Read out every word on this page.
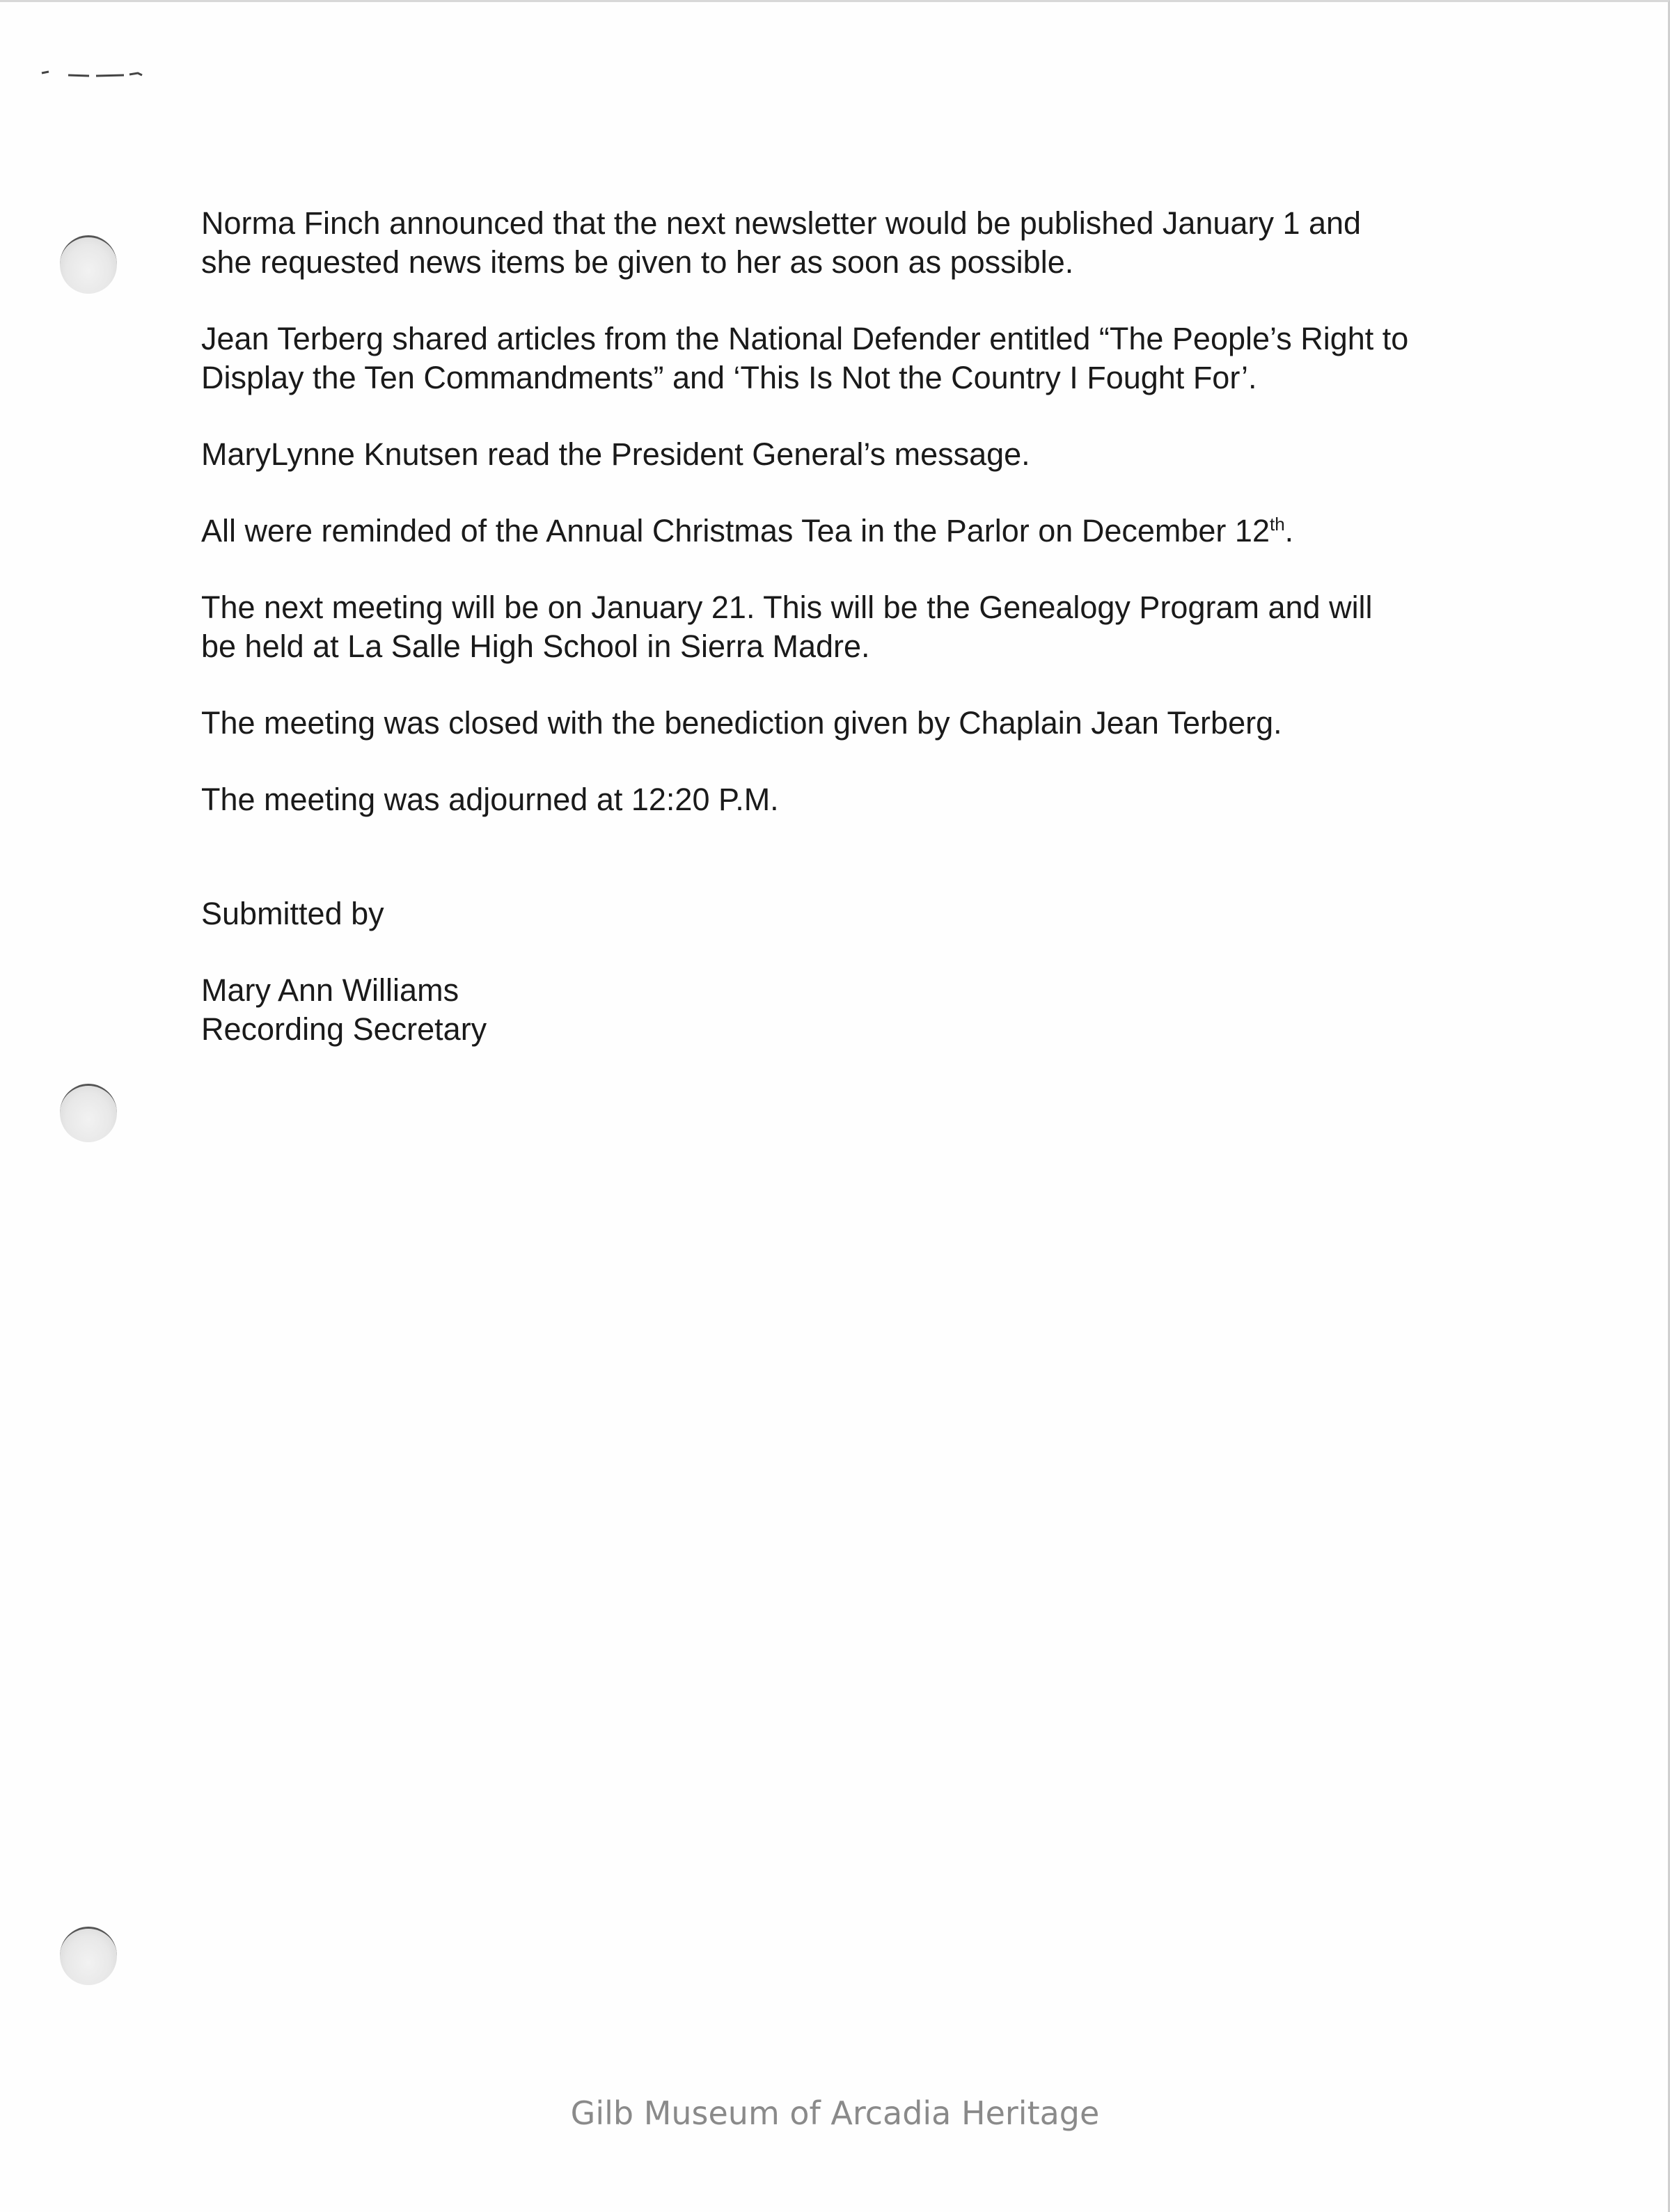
Norma Finch announced that the next newsletter would be published January 1 and
she requested news items be given to her as soon as possible.

Jean Terberg shared articles from the National Defender entitled “The People’s Right to
Display the Ten Commandments” and ‘This Is Not the Country I Fought For’.

MaryLynne Knutsen read the President General’s message.

All were reminded of the Annual Christmas Tea in the Parlor on December 12th.

The next meeting will be on January 21. This will be the Genealogy Program and will
be held at La Salle High School in Sierra Madre.

The meeting was closed with the benediction given by Chaplain Jean Terberg.

The meeting was adjourned at 12:20 P.M.

Submitted by

Mary Ann Williams

Recording Secretary

Gilb Museum of Arcadia Heritage
